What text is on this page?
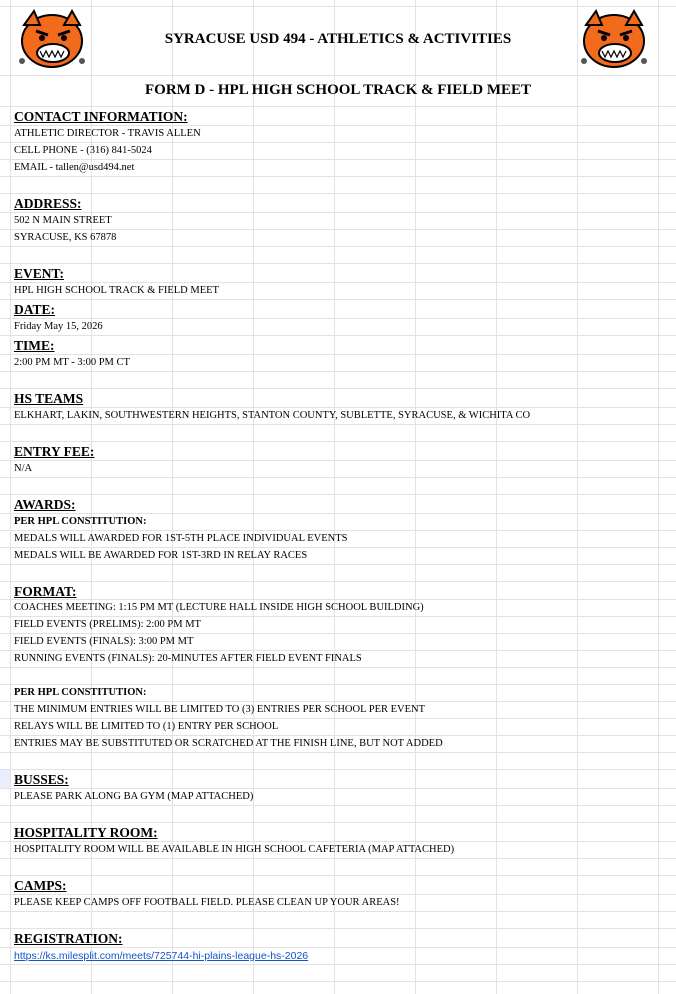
SYRACUSE USD 494 - ATHLETICS & ACTIVITIES
FORM D - HPL HIGH SCHOOL TRACK & FIELD MEET
CONTACT INFORMATION:
ATHLETIC DIRECTOR - TRAVIS ALLEN
CELL PHONE - (316) 841-5024
EMAIL - tallen@usd494.net
ADDRESS:
502 N MAIN STREET
SYRACUSE, KS 67878
EVENT:
HPL HIGH SCHOOL TRACK & FIELD MEET
DATE:
Friday May 15, 2026
TIME:
2:00 PM MT - 3:00 PM CT
HS TEAMS
ELKHART, LAKIN, SOUTHWESTERN HEIGHTS, STANTON COUNTY, SUBLETTE, SYRACUSE, & WICHITA CO
ENTRY FEE:
N/A
AWARDS:
PER HPL CONSTITUTION:
MEDALS WILL AWARDED FOR 1ST-5TH PLACE INDIVIDUAL EVENTS
MEDALS WILL BE AWARDED FOR 1ST-3RD IN RELAY RACES
FORMAT:
COACHES MEETING: 1:15 PM MT (LECTURE HALL INSIDE HIGH SCHOOL BUILDING)
FIELD EVENTS (PRELIMS): 2:00 PM MT
FIELD EVENTS (FINALS): 3:00 PM MT
RUNNING EVENTS (FINALS): 20-MINUTES AFTER FIELD EVENT FINALS
PER HPL CONSTITUTION:
THE MINIMUM ENTRIES WILL BE LIMITED TO (3) ENTRIES PER SCHOOL PER EVENT
RELAYS WILL BE LIMITED TO (1) ENTRY PER SCHOOL
ENTRIES MAY BE SUBSTITUTED OR SCRATCHED AT THE FINISH LINE, BUT NOT ADDED
BUSSES:
PLEASE PARK ALONG BA GYM (MAP ATTACHED)
HOSPITALITY ROOM:
HOSPITALITY ROOM WILL BE AVAILABLE IN HIGH SCHOOL CAFETERIA (MAP ATTACHED)
CAMPS:
PLEASE KEEP CAMPS OFF FOOTBALL FIELD. PLEASE CLEAN UP YOUR AREAS!
REGISTRATION:
https://ks.milesplit.com/meets/725744-hi-plains-league-hs-2026
